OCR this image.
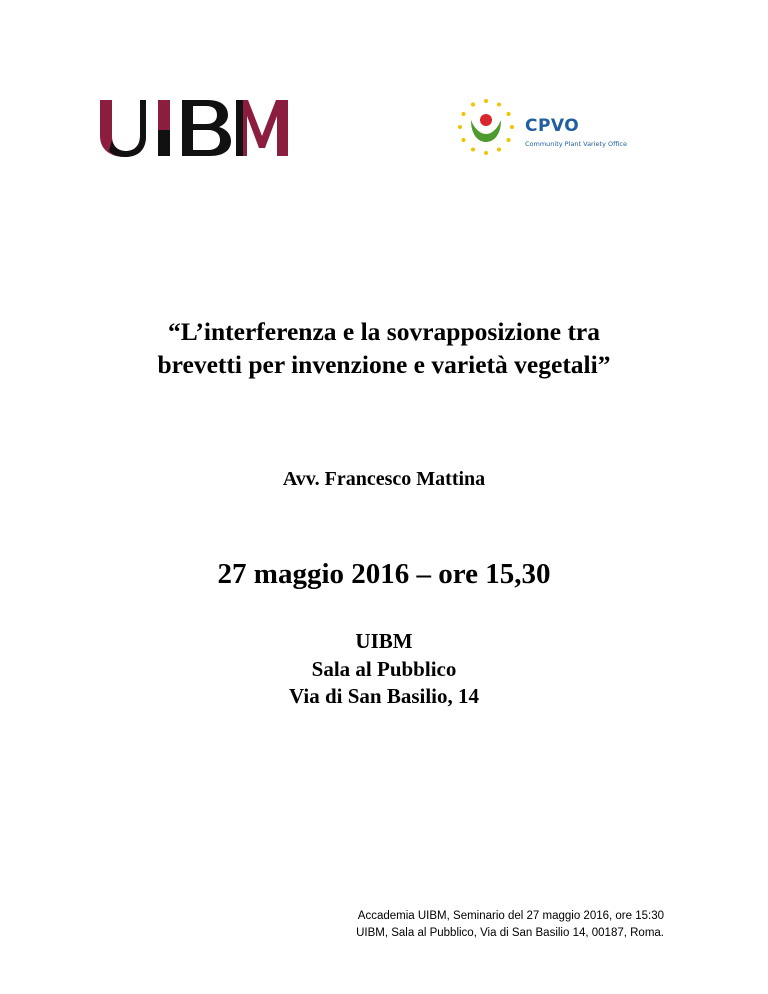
CPVO
Community Plant Variety Office
“L’interferenza e la sovrapposizione tra
brevetti per invenzione e varietà vegetali”
Avv. Francesco Mattina
27 maggio 2016 – ore 15,30
UIBM
Sala al Pubblico
Via di San Basilio, 14
Accademia UIBM, Seminario del 27 maggio 2016, ore 15:30
UIBM, Sala al Pubblico, Via di San Basilio 14, 00187, Roma.
